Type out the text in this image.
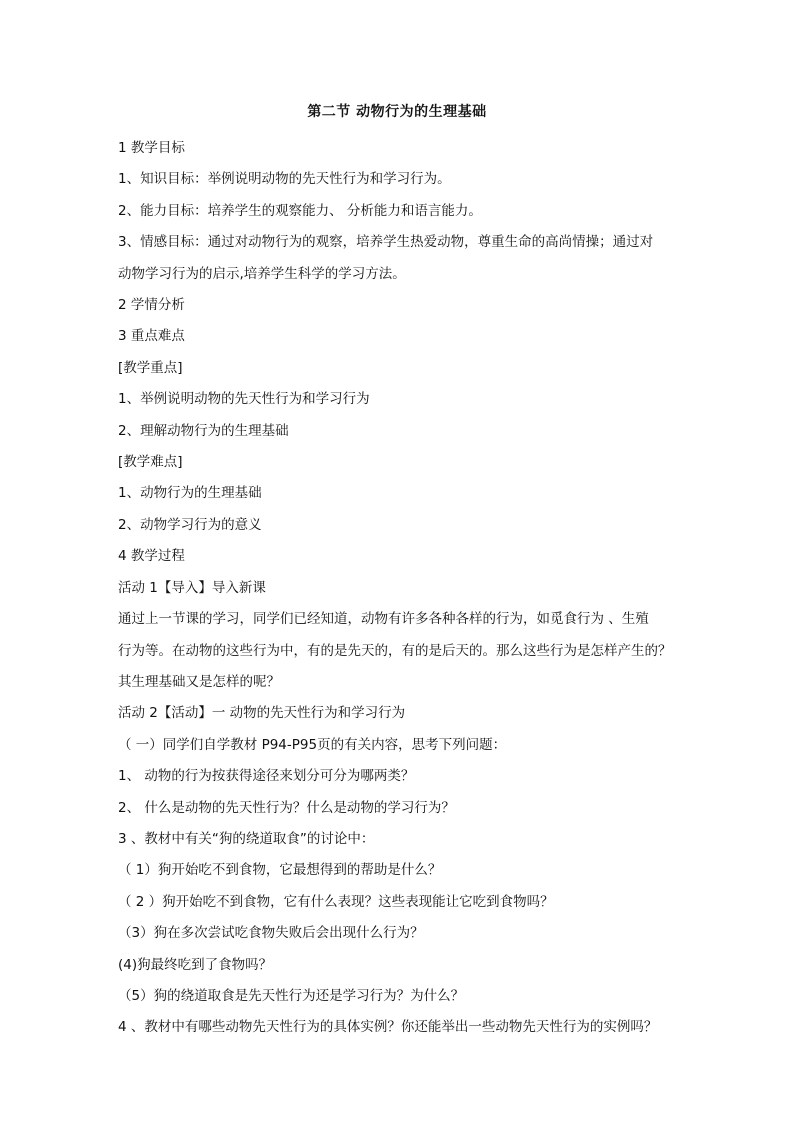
第二节 动物行为的生理基础

1 教学目标

1、知识目标：举例说明动物的先天性行为和学习行为。

2、能力目标：培养学生的观察能力、 分析能力和语言能力。

3、情感目标：通过对动物行为的观察，培养学生热爱动物，尊重生命的高尚情操；通过对

动物学习行为的启示,培养学生科学的学习方法。

2 学情分析

3 重点难点

[教学重点]

1、举例说明动物的先天性行为和学习行为

2、理解动物行为的生理基础

[教学难点]

1、动物行为的生理基础

2、动物学习行为的意义

4 教学过程

活动 1【导入】导入新课

通过上一节课的学习，同学们已经知道，动物有许多各种各样的行为，如觅食行为 、生殖

行为等。在动物的这些行为中，有的是先天的，有的是后天的。那么这些行为是怎样产生的？

其生理基础又是怎样的呢？

活动 2【活动】一 动物的先天性行为和学习行为

（ 一）同学们自学教材 P94-P95页的有关内容，思考下列问题：

1、 动物的行为按获得途径来划分可分为哪两类？

2、 什么是动物的先天性行为？什么是动物的学习行为？

3 、教材中有关“狗的绕道取食”的讨论中：

（ 1）狗开始吃不到食物，它最想得到的帮助是什么？

（ 2 ）狗开始吃不到食物，它有什么表现？这些表现能让它吃到食物吗？

（3）狗在多次尝试吃食物失败后会出现什么行为？

(4)狗最终吃到了食物吗？

（5）狗的绕道取食是先天性行为还是学习行为？为什么？

4 、教材中有哪些动物先天性行为的具体实例？你还能举出一些动物先天性行为的实例吗？
